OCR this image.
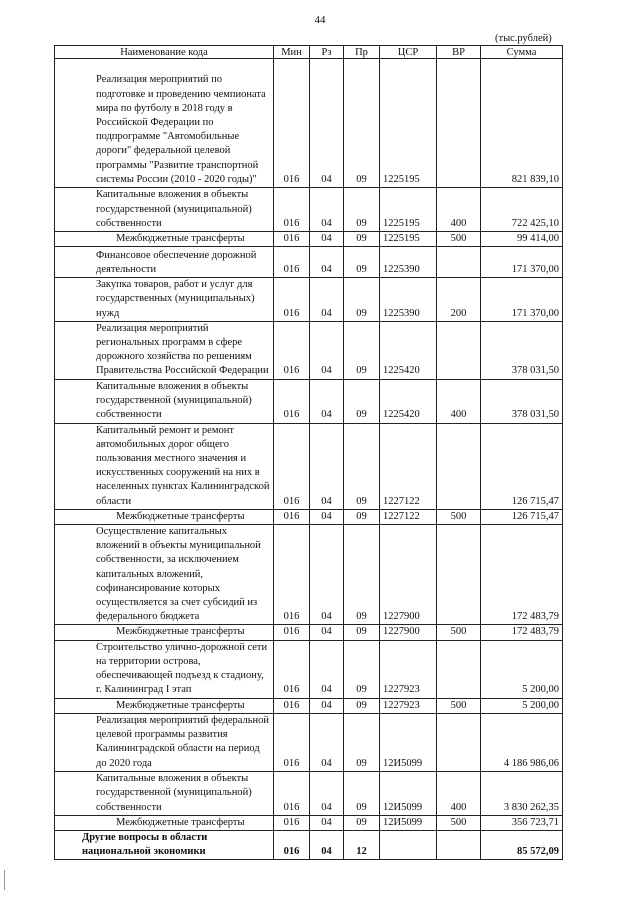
44
(тыс.рублей)
Наименование кода	Мин	Рз	Пр	ЦСР	ВР	Сумма

Реализация мероприятий по подготовке и проведению чемпионата мира по футболу в 2018 году в Российской Федерации по подпрограмме "Автомобильные дороги" федеральной целевой программы "Развитие транспортной системы России (2010 - 2020 годы)"	016	04	09	1225195		821 839,10

Капитальные вложения в объекты государственной (муниципальной) собственности	016	04	09	1225195	400	722 425,10

Межбюджетные трансферты	016	04	09	1225195	500	99 414,00

Финансовое обеспечение дорожной деятельности	016	04	09	1225390		171 370,00

Закупка товаров, работ и услуг для государственных (муниципальных) нужд	016	04	09	1225390	200	171 370,00

Реализация мероприятий региональных программ в сфере дорожного хозяйства по решениям Правительства Российской Федерации	016	04	09	1225420		378 031,50

Капитальные вложения в объекты государственной (муниципальной) собственности	016	04	09	1225420	400	378 031,50

Капитальный ремонт и ремонт автомобильных дорог общего пользования местного значения и искусственных сооружений на них в населенных пунктах Калининградской области	016	04	09	1227122		126 715,47

Межбюджетные трансферты	016	04	09	1227122	500	126 715,47

Осуществление капитальных вложений в объекты муниципальной собственности, за исключением капитальных вложений, софинансирование которых осуществляется за счет субсидий из федерального бюджета	016	04	09	1227900		172 483,79

Межбюджетные трансферты	016	04	09	1227900	500	172 483,79

Строительство улично-дорожной сети на территории острова, обеспечивающей подъезд к стадиону, г. Калининград I этап	016	04	09	1227923		5 200,00

Межбюджетные трансферты	016	04	09	1227923	500	5 200,00

Реализация мероприятий федеральной целевой программы развития Калининградской области на период до 2020 года	016	04	09	12И5099		4 186 986,06

Капитальные вложения в объекты государственной (муниципальной) собственности	016	04	09	12И5099	400	3 830 262,35

Межбюджетные трансферты	016	04	09	12И5099	500	356 723,71

Другие вопросы в области национальной экономики	016	04	12			85 572,09
